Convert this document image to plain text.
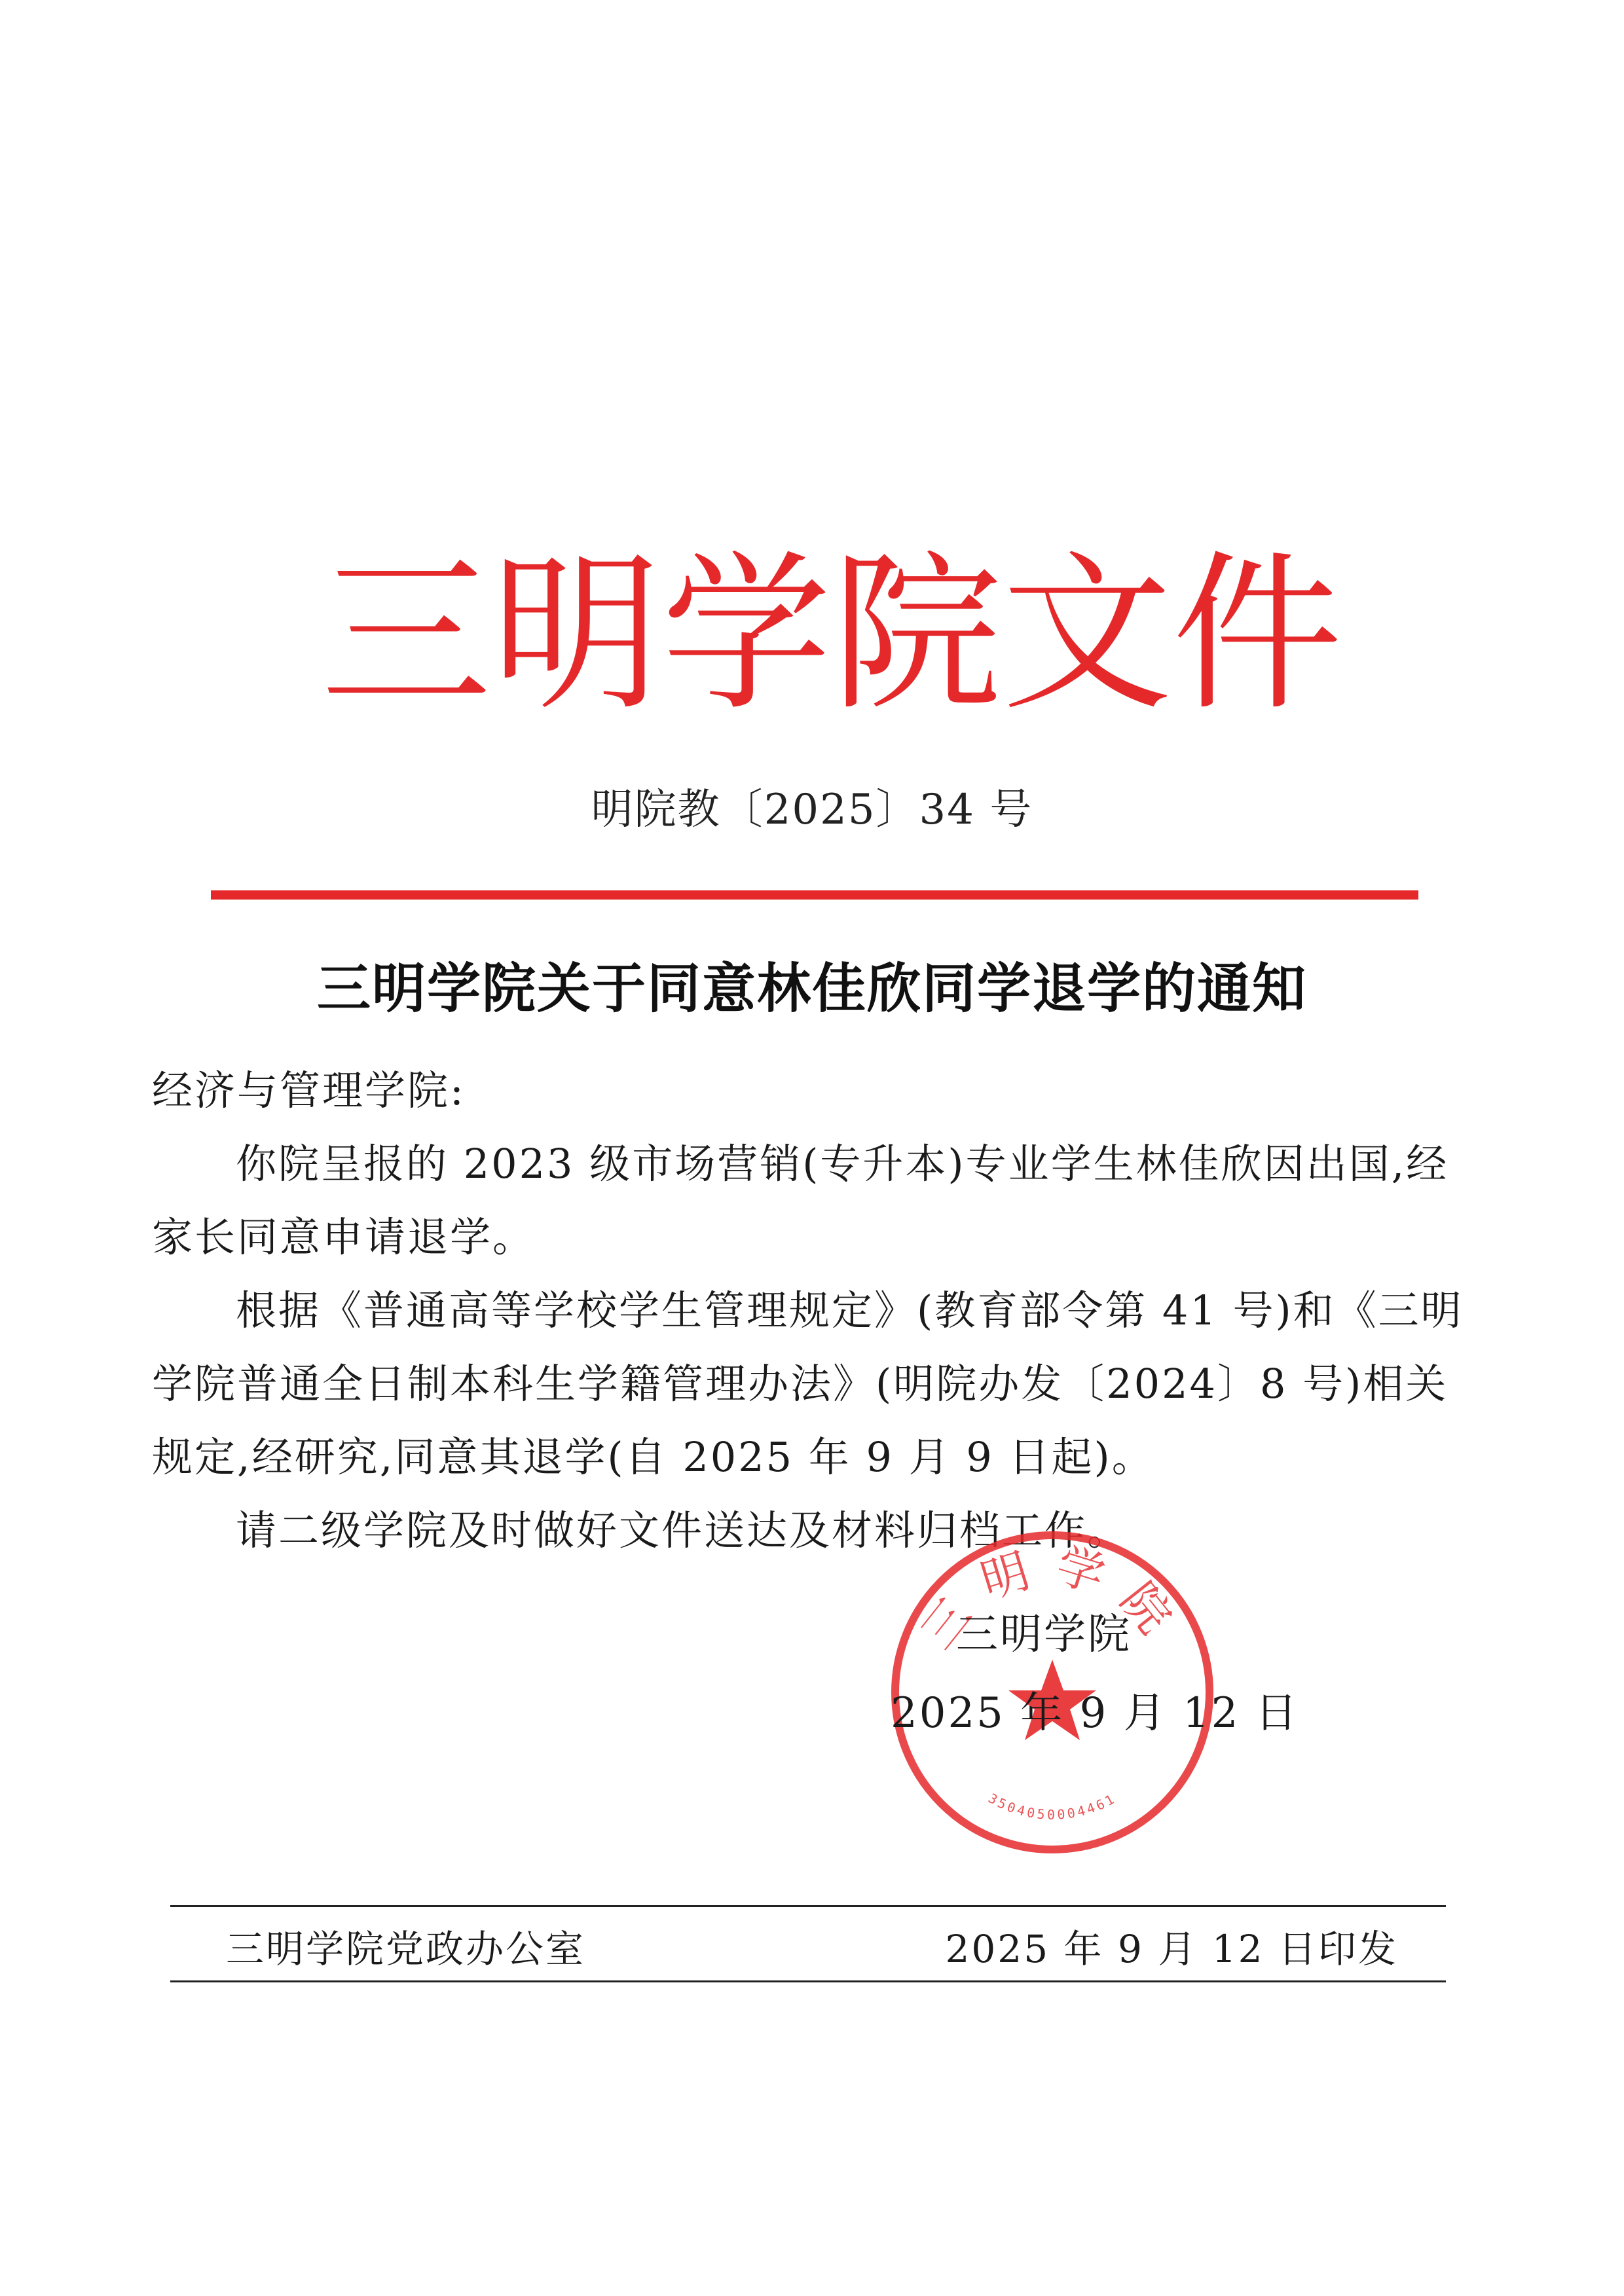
三 明 学 院 文 件
明院教〔2025〕34 号
三明学院关于同意林佳欣同学退学的通知

经济与管理学院:

你院呈报的 2023 级市场营销(专升本)专业学生林佳欣因出国,经家长同意申请退学。

根据《普通高等学校学生管理规定》(教育部令第 41 号)和《三明学院普通全日制本科生学籍管理办法》(明院办发〔2024〕8 号)相关规定,经研究,同意其退学(自 2025 年 9 月 9 日起)。

请二级学院及时做好文件送达及材料归档工作。

三明学院
3504050004461
三明学院
2025 年 9 月 12 日
三明学院党政办公室	2025 年 9 月 12 日印发
